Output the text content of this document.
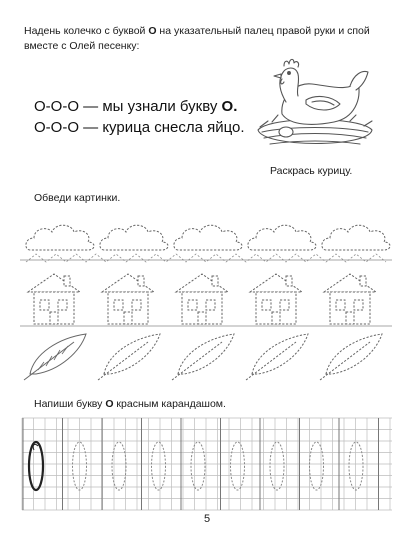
Надень колечко с буквой О на указательный палец правой руки и спой вместе с Олей песенку:
О-О-О — мы узнали букву О.
О-О-О — курица снесла яйцо.
Раскрась курицу.
Обведи картинки.
Напиши букву О красным карандашом.
5
